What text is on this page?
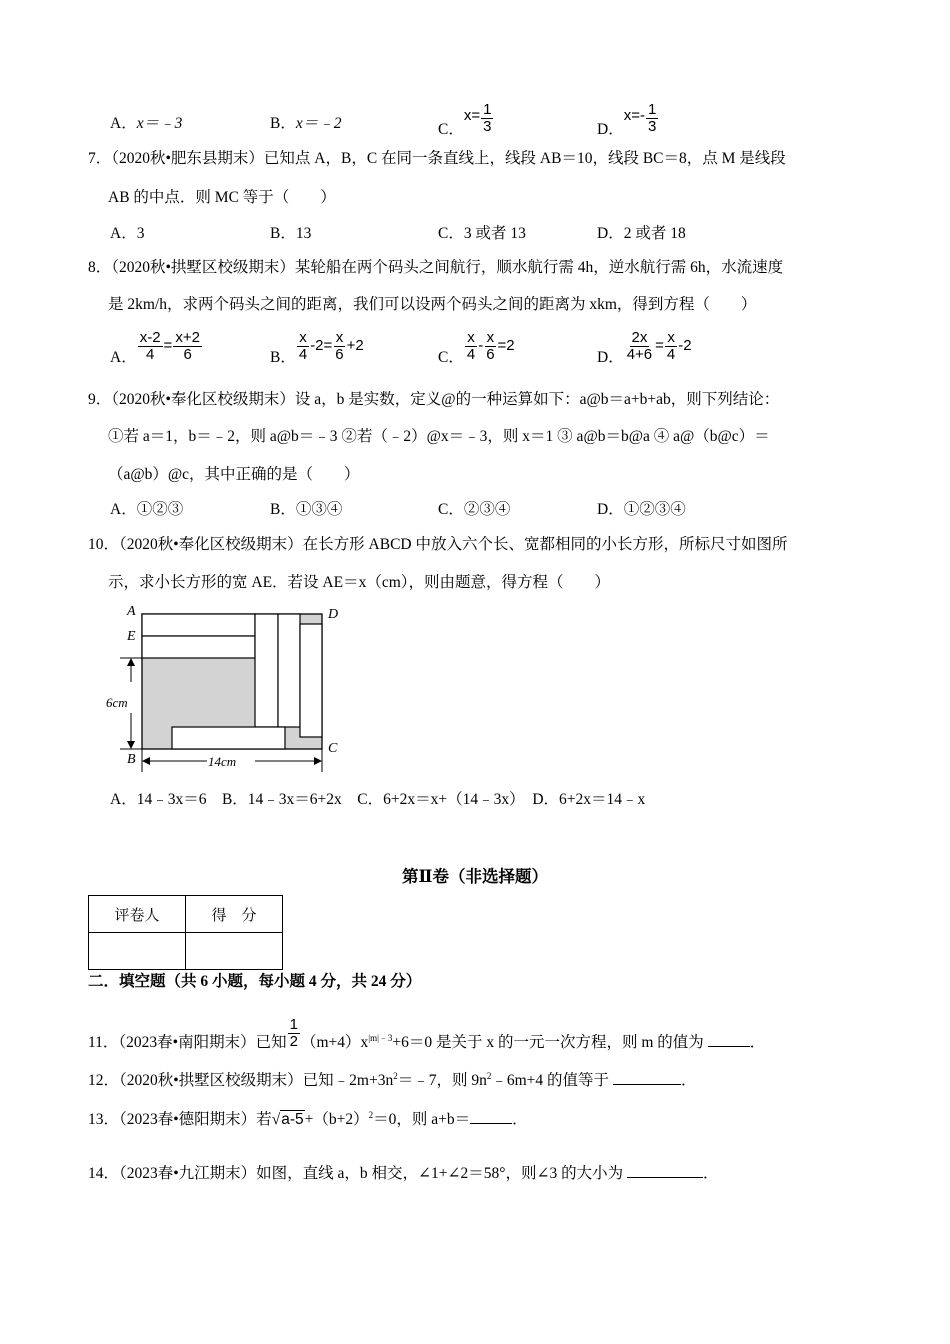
A．x＝﹣3	B．x＝﹣2	C．$x= \frac{1}{3}$	D．$x=- \frac{1}{3}$
7．（2020秋•肥东县期末）已知点 A，B，C 在同一条直线上，线段 AB＝10，线段 BC＝8，点 M 是线段
AB 的中点．则 MC 等于（　　）
A．3	B．13	C．3 或者 13	D．2 或者 18
8．（2020秋•拱墅区校级期末）某轮船在两个码头之间航行，顺水航行需 4h，逆水航行需 6h，水流速度
是 2km/h，求两个码头之间的距离，我们可以设两个码头之间的距离为 xkm，得到方程（　　）
A． $\frac{x-2}{4} = \frac{x+2}{6}$	B． $\frac{x}{4} -2= \frac{x}{6} +2$
C． $\frac{x}{4} - \frac{x}{6} =2$
D． $\frac{2x}{4+6} = \frac{x}{4} -2$
9．（2020秋•奉化区校级期末）设 a，b 是实数，定义@的一种运算如下：a@b＝a+b+ab，则下列结论：
①若 a＝1，b＝﹣2，则 a@b＝﹣3 ②若（﹣2）@x＝﹣3，则 x＝1 ③ a@b＝b@a ④ a@（b@c）＝
（a@b）@c，其中正确的是（　　）
A．①②③	B．①③④	C．②③④	D．①②③④
10．（2020秋•奉化区校级期末）在长方形 ABCD 中放入六个长、宽都相同的小长方形，所标尺寸如图所
示，求小长方形的宽 AE．若设 AE＝x（cm），则由题意，得方程（　　）
A
E
B
C
D
6cm
14cm
A．14﹣3x＝6　B．14﹣3x＝6+2x　C．6+2x＝x+（14﹣3x）　D．6+2x＝14﹣x
第Ⅱ卷（非选择题）
评卷人	得　分

二．填空题（共 6 小题，每小题 4 分，共 24 分）
11．（2023春•南阳期末）已知 $\frac{1}{2} (m+4)x^{|m|﹣3}+6=0$ 是关于 x 的一元一次方程，则 m 的值为	．
12．（2020秋•拱墅区校级期末）已知$﹣2m+3n^2=﹣7$，则 $9n^2﹣6m+4$ 的值等于	．
13．（2023春•德阳期末）若$√a-5+(b+2)^2=0$，则 a+b＝	．
14．（2023春•九江期末）如图，直线 a，b 相交，∠1+∠2＝58°，则∠3 的大小为	．
